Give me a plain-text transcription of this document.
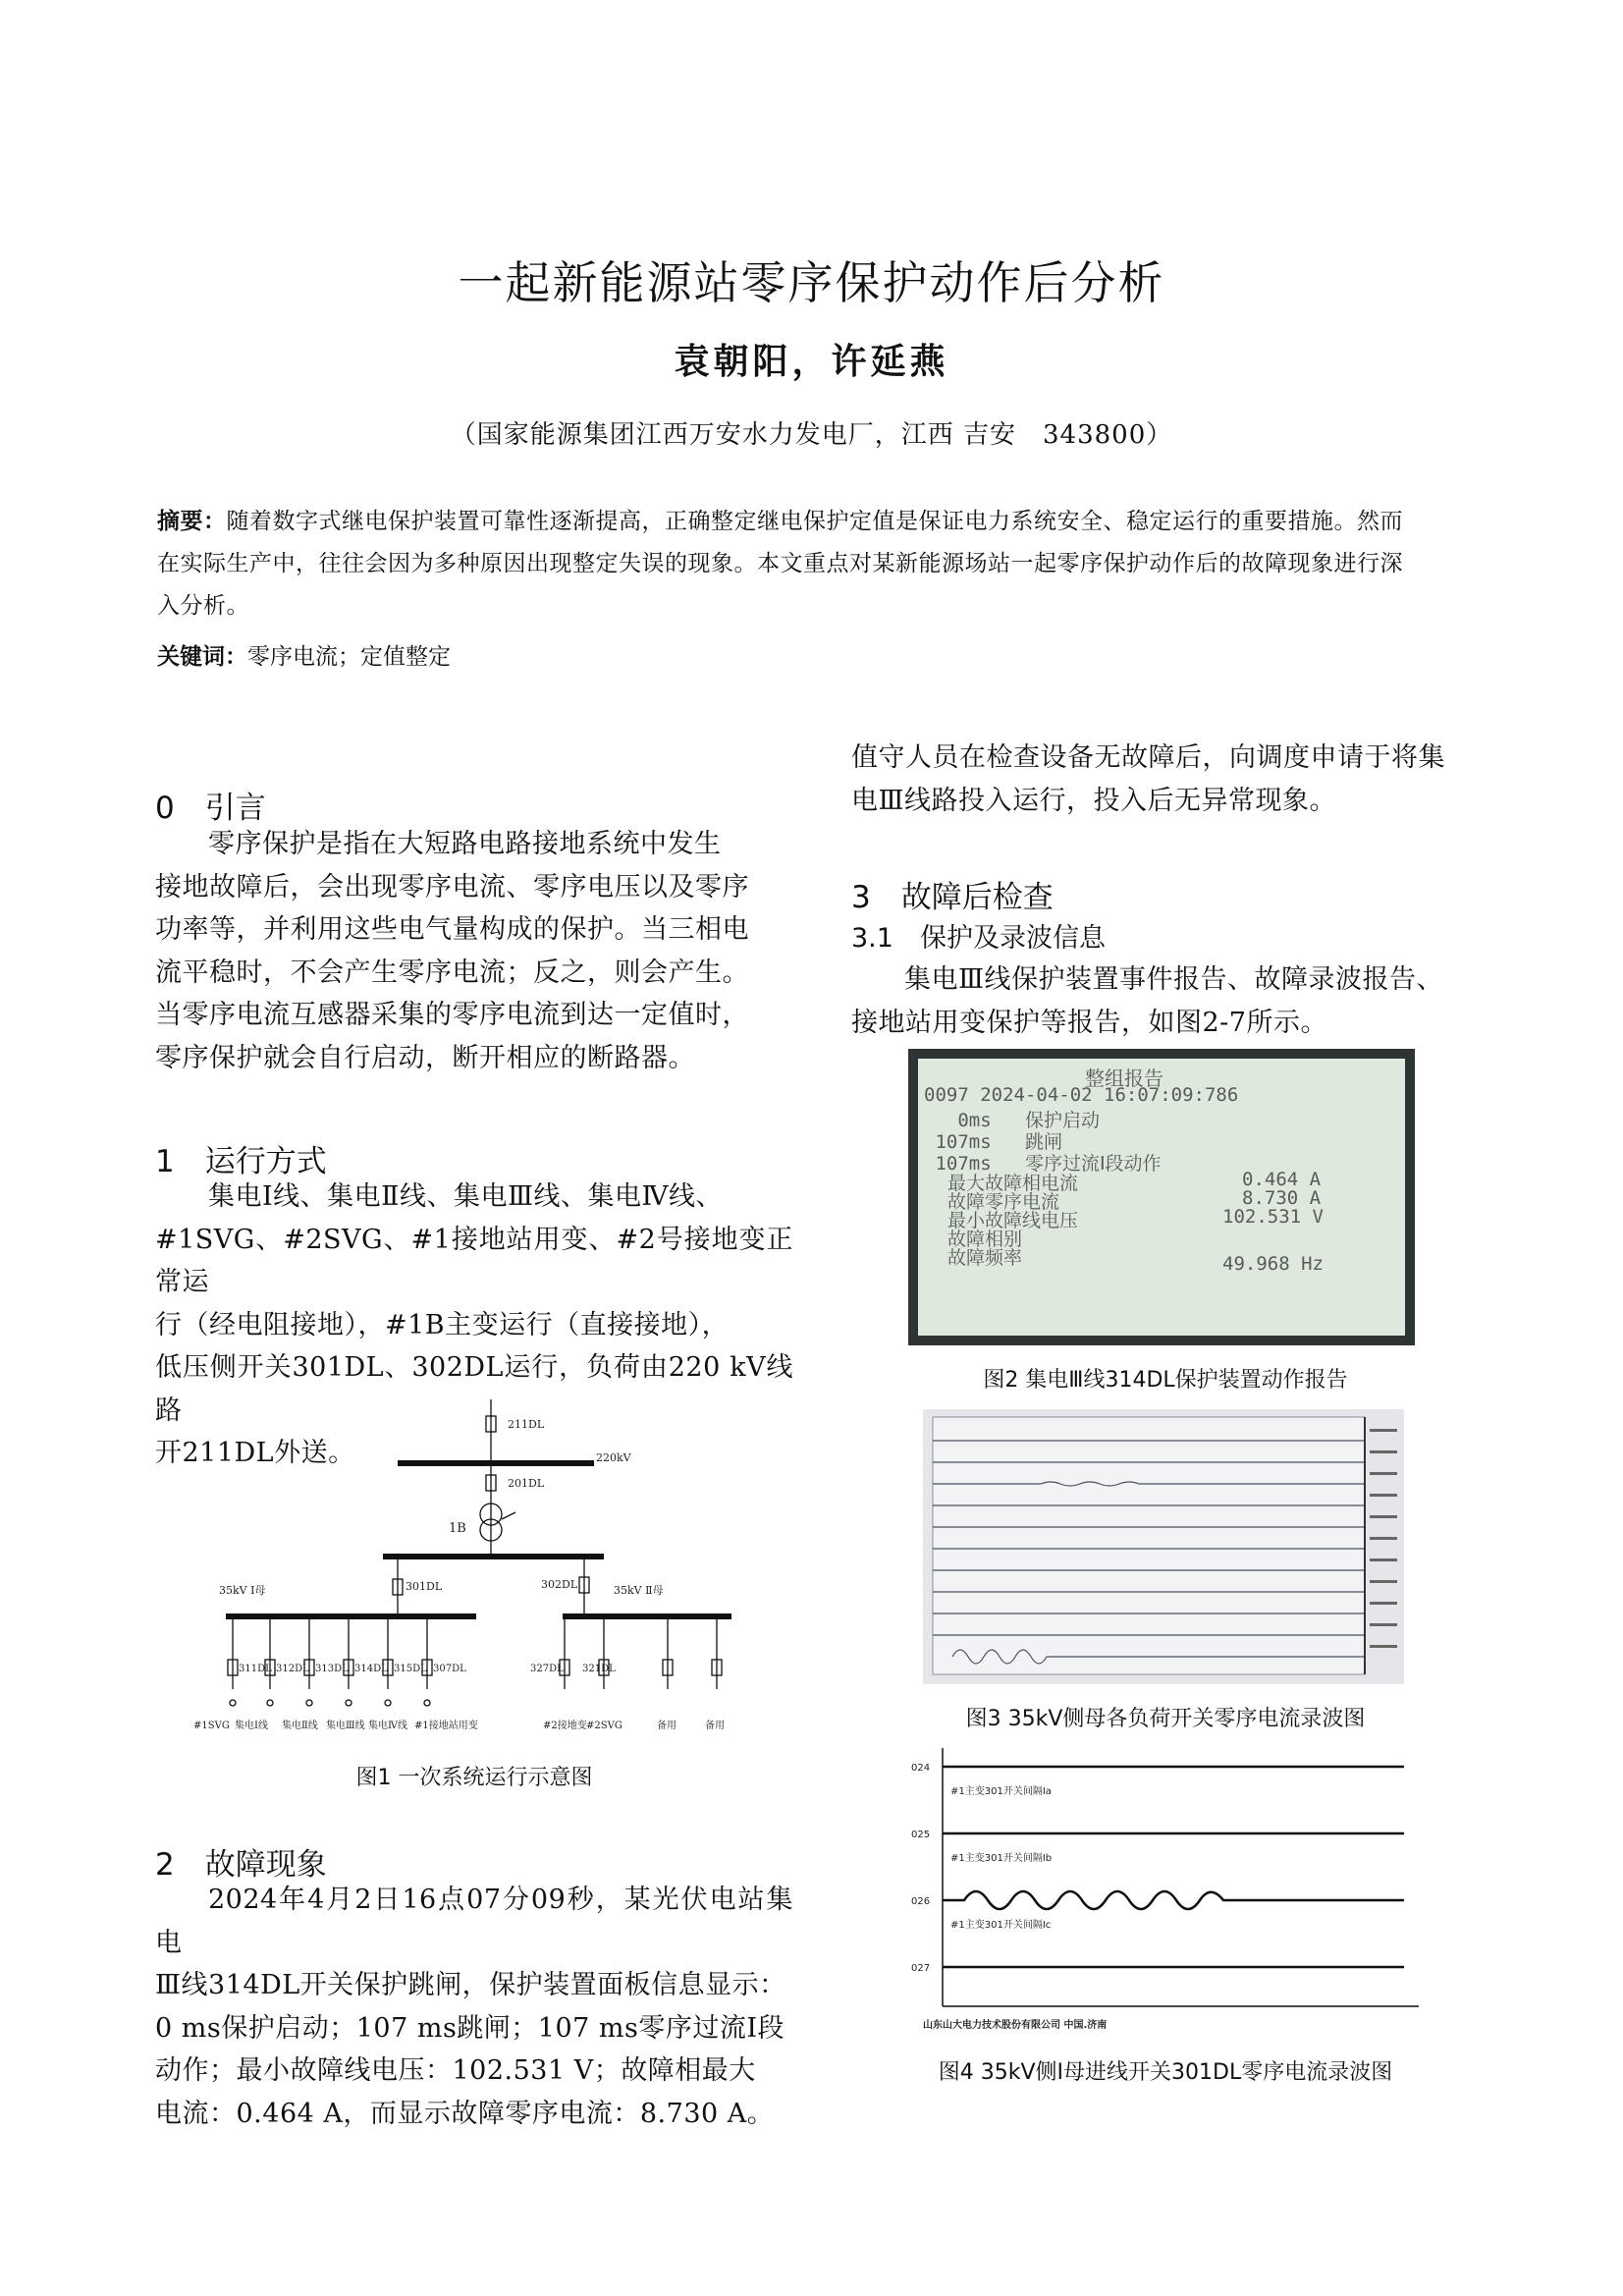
一起新能源站零序保护动作后分析
袁朝阳，许延燕
（国家能源集团江西万安水力发电厂，江西 吉安　343800）
摘要：随着数字式继电保护装置可靠性逐渐提高，正确整定继电保护定值是保证电力系统安全、稳定运行的重要措施。然而
在实际生产中，往往会因为多种原因出现整定失误的现象。本文重点对某新能源场站一起零序保护动作后的故障现象进行深
入分析。
关键词：零序电流；定值整定
0　引言
零序保护是指在大短路电路接地系统中发生
接地故障后，会出现零序电流、零序电压以及零序
功率等，并利用这些电气量构成的保护。当三相电
流平稳时，不会产生零序电流；反之，则会产生。
当零序电流互感器采集的零序电流到达一定值时，
零序保护就会自行启动，断开相应的断路器。
1　运行方式
集电Ⅰ线、集电Ⅱ线、集电Ⅲ线、集电Ⅳ线、
#1SVG、#2SVG、#1接地站用变、#2号接地变正常运
行（经电阻接地），#1B主变运行（直接接地），
低压侧开关301DL、302DL运行，负荷由220 kV线路
开211DL外送。
211DL
220kV
201DL
1B
301DL	302DL
35kV Ⅰ母	35kV Ⅱ母
311DL 312DL 313DL 314DL 315DL 307DL	327DL 321DL
#1SVG 集电Ⅰ线 集电Ⅱ线 集电Ⅲ线 集电Ⅳ线 #1接地站用变	#2接地变 #2SVG	备用	备用
图1 一次系统运行示意图
2　故障现象
2024年4月2日16点07分09秒，某光伏电站集电
Ⅲ线314DL开关保护跳闸，保护装置面板信息显示：
0 ms保护启动；107 ms跳闸；107 ms零序过流Ⅰ段
动作；最小故障线电压：102.531 V；故障相最大
电流：0.464 A，而显示故障零序电流：8.730 A。
值守人员在检查设备无故障后，向调度申请于将集
电Ⅲ线路投入运行，投入后无异常现象。
3　故障后检查
3.1　保护及录波信息
集电Ⅲ线保护装置事件报告、故障录波报告、
接地站用变保护等报告，如图2-7所示。
整组报告
0097 2024-04-02 16:07:09:786
0ms   保护启动
107ms   跳闸
107ms   零序过流Ⅰ段动作
最大故障相电流	0.464 A
故障零序电流	8.730 A
最小故障线电压	102.531 V
故障相别
故障频率	49.968 Hz
图2 集电Ⅲ线314DL保护装置动作报告
图3 35kV侧母各负荷开关零序电流录波图
024
025
026
027
#1主变301开关间隔Ia
#1主变301开关间隔Ib
#1主变301开关间隔Ic
山东山大电力技术股份有限公司 中国.济南
图4 35kV侧Ⅰ母进线开关301DL零序电流录波图
